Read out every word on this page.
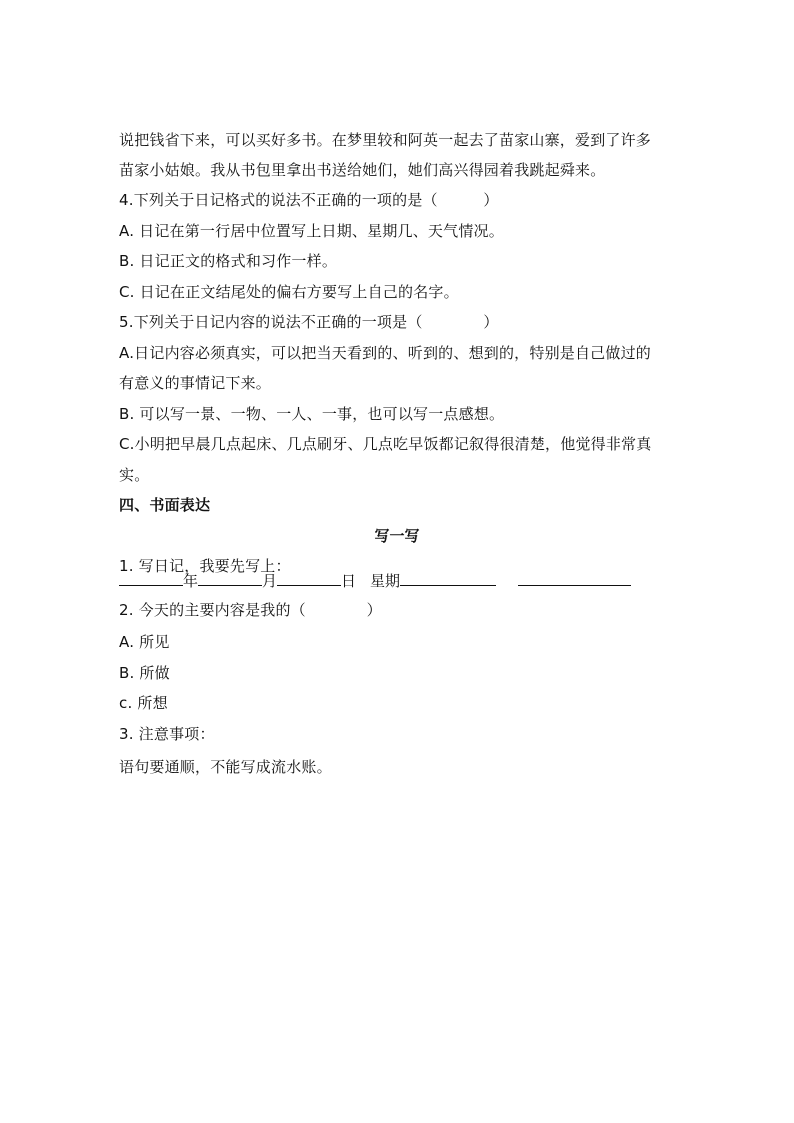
说把钱省下来，可以买好多书。在梦里较和阿英一起去了苗家山寨，爱到了许多
苗家小姑娘。我从书包里拿出书送给她们，她们高兴得园着我跳起舜来。
4.下列关于日记格式的说法不正确的一项的是（　　　）
A. 日记在第一行居中位置写上日期、星期几、天气情况。
B. 日记正文的格式和习作一样。
C. 日记在正文结尾处的偏右方要写上自己的名字。
5.下列关于日记内容的说法不正确的一项是（　　　　）
A.日记内容必须真实，可以把当天看到的、听到的、想到的，特别是自己做过的
有意义的事情记下来。
B. 可以写一景、一物、一人、一事，也可以写一点感想。
C.小明把早晨几点起床、几点刷牙、几点吃早饭都记叙得很清楚，他觉得非常真
实。
四、书面表达
写一写
1. 写日记，我要先写上：
年	月	日 星期
2. 今天的主要内容是我的（　　　　）
A. 所见
B. 所做
c. 所想
3. 注意事项：
语句要通顺，不能写成流水账。
